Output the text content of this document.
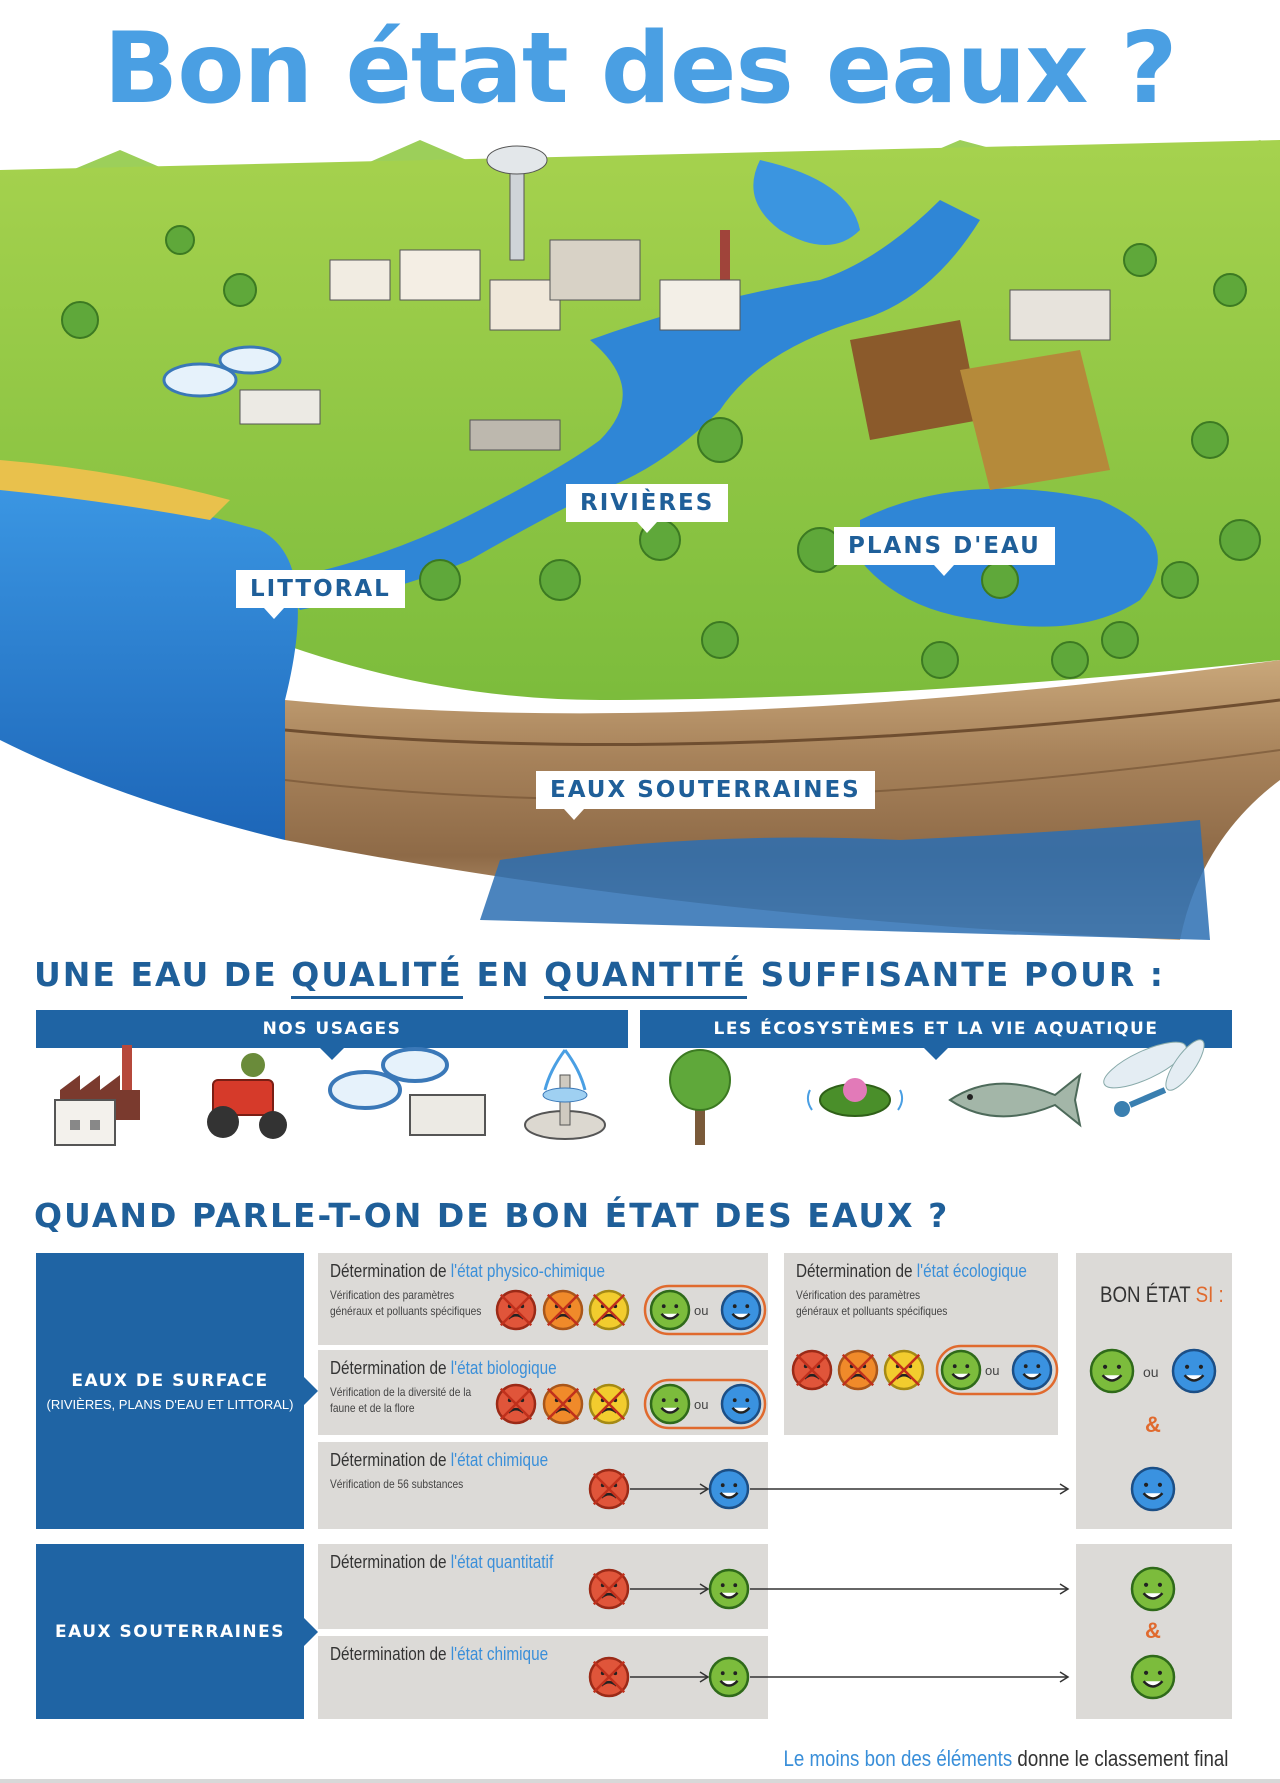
Bon état des eaux ?
RIVIÈRES
PLANS D'EAU
LITTORAL
EAUX SOUTERRAINES
UNE EAU DE QUALITÉ EN QUANTITÉ SUFFISANTE POUR :
NOS USAGES	LES ÉCOSYSTÈMES ET LA VIE AQUATIQUE
QUAND PARLE-T-ON DE BON ÉTAT DES EAUX ?
EAUX DE SURFACE
(RIVIÈRES, PLANS D'EAU ET LITTORAL)
EAUX SOUTERRAINES
Détermination de l'état physico-chimique
Vérification des paramètres généraux et polluants spécifiques
Détermination de l'état biologique
Vérification de la diversité de la faune et de la flore
Détermination de l'état chimique
Vérification de 56 substances
Détermination de l'état écologique
Vérification des paramètres généraux et polluants spécifiques
Détermination de l'état quantitatif
Détermination de l'état chimique
BON ÉTAT SI :
ou
&
&
ou
ou
ou
Le moins bon des éléments donne le classement final
